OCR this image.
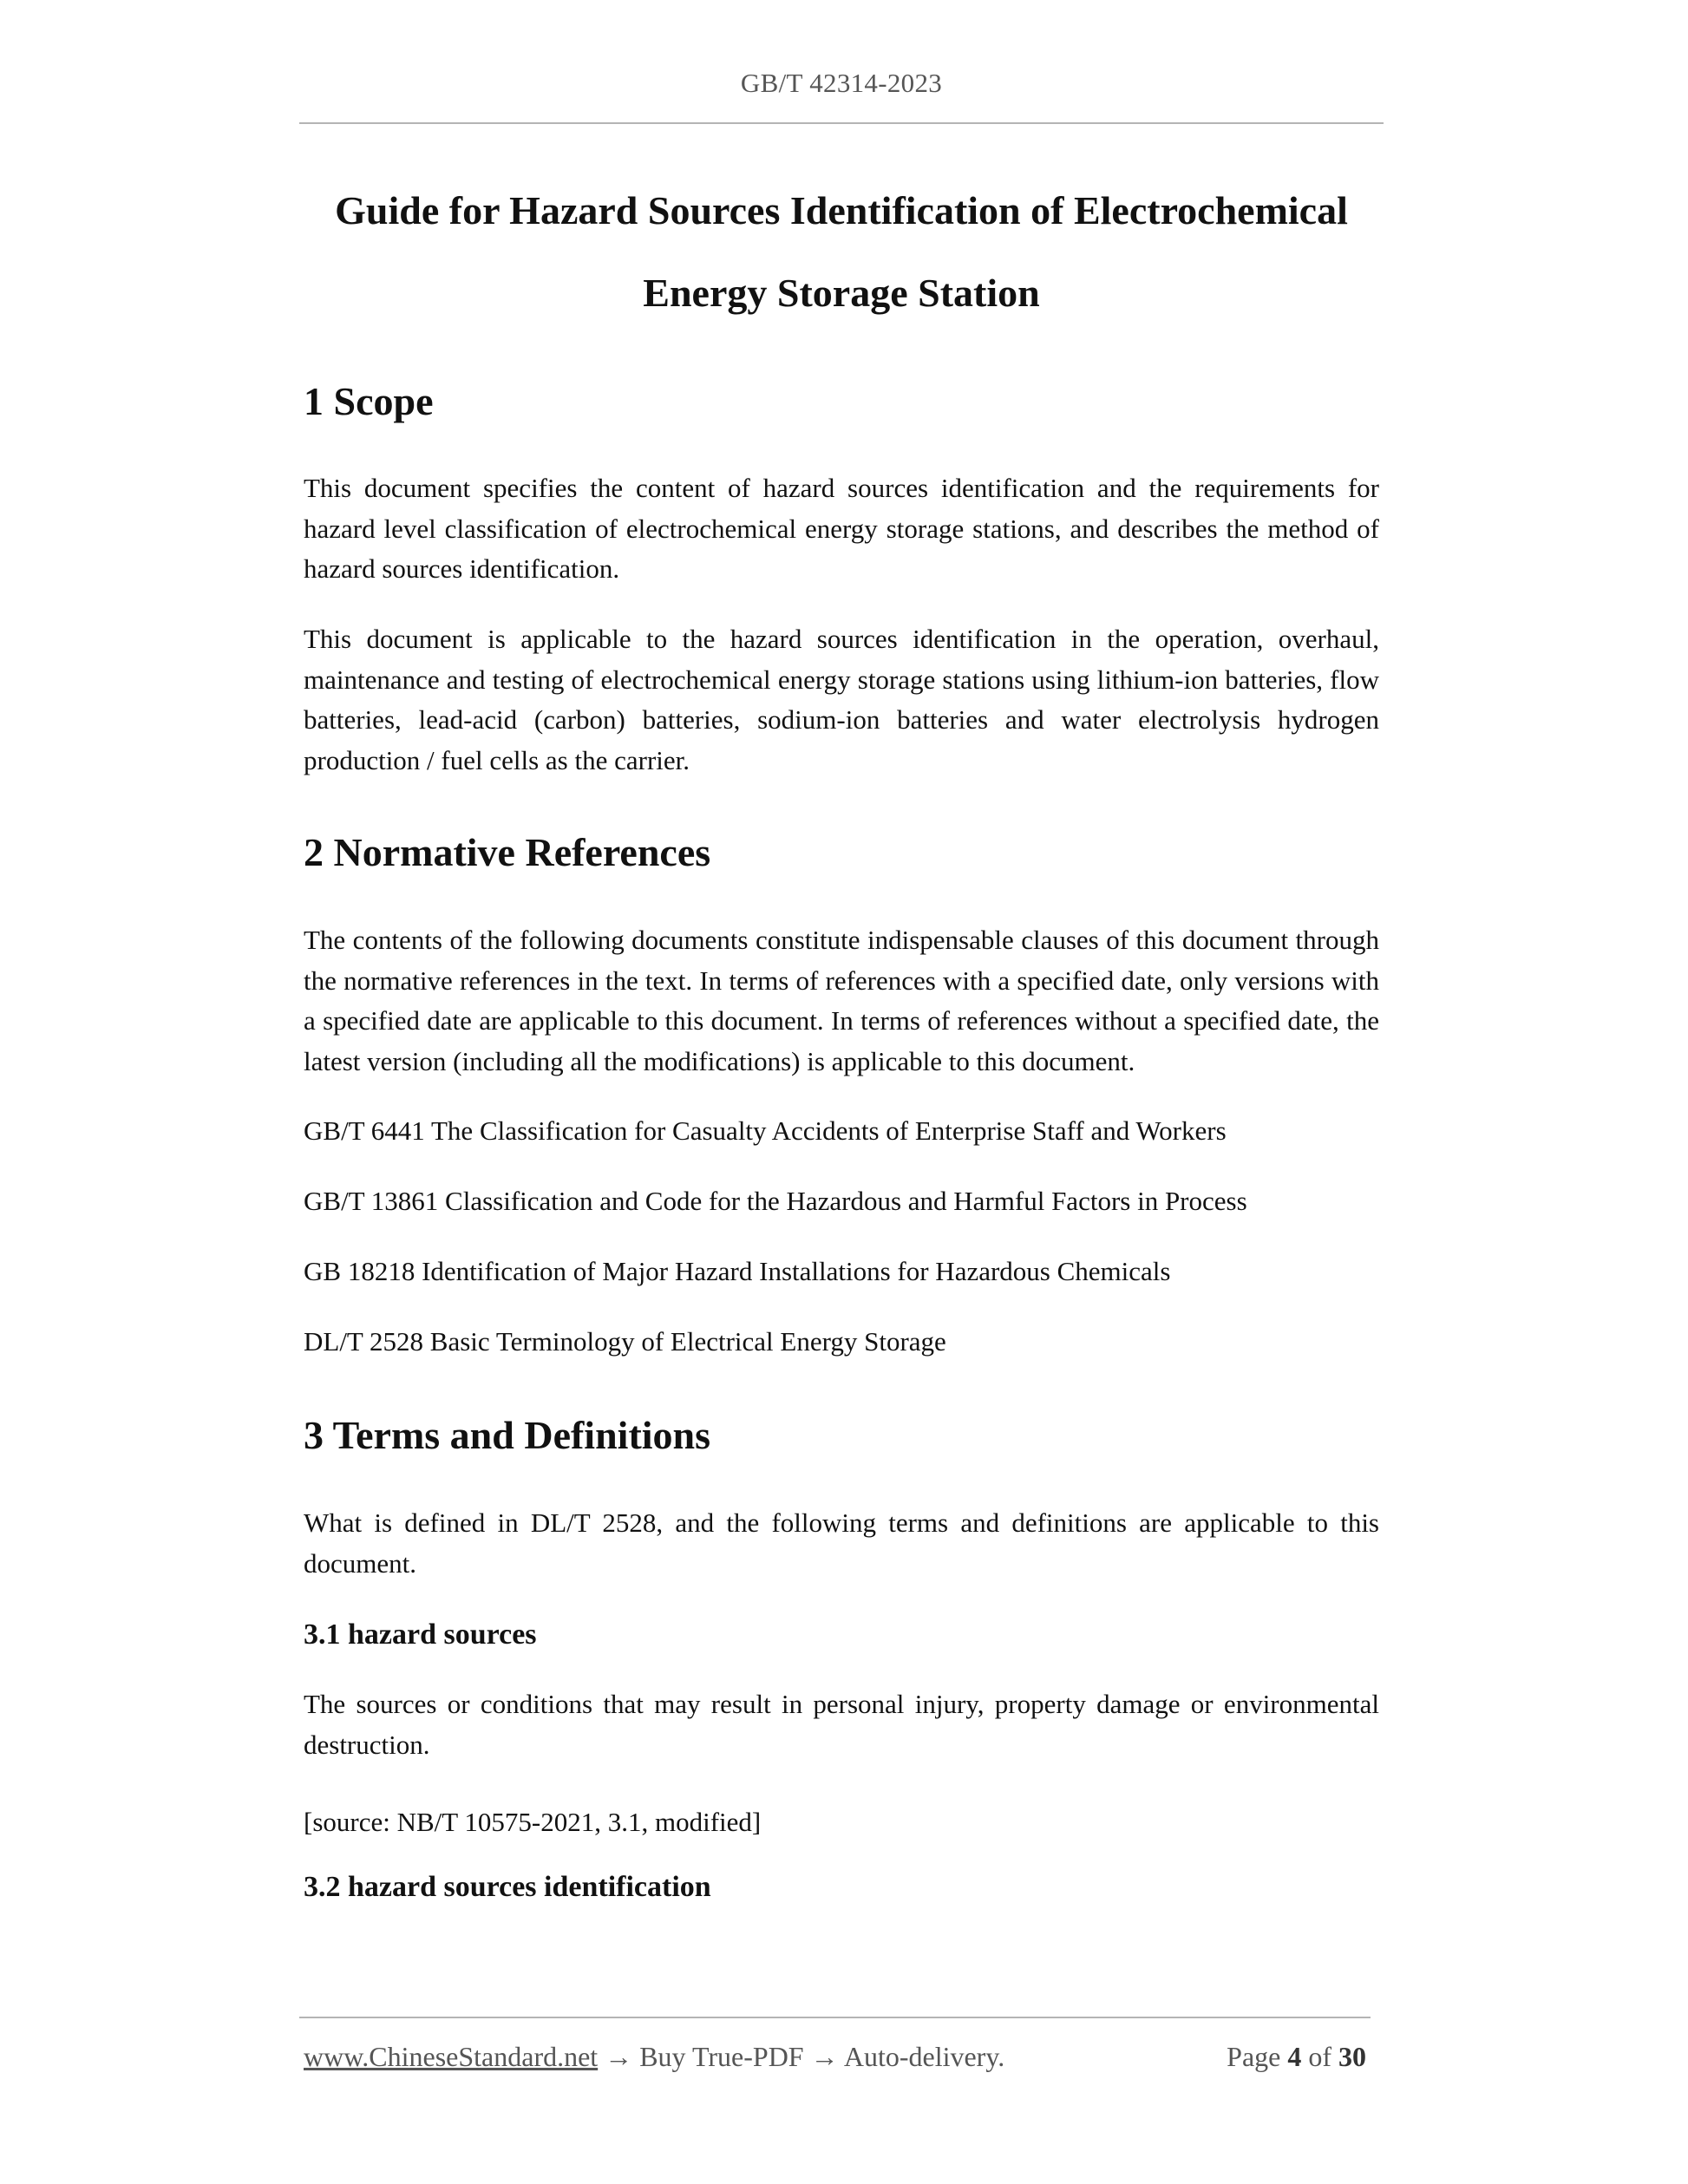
GB/T 42314-2023
Guide for Hazard Sources Identification of Electrochemical
Energy Storage Station
1 Scope
This document specifies the content of hazard sources identification and the requirements for hazard level classification of electrochemical energy storage stations, and describes the method of hazard sources identification.
This document is applicable to the hazard sources identification in the operation, overhaul, maintenance and testing of electrochemical energy storage stations using lithium-ion batteries, flow batteries, lead-acid (carbon) batteries, sodium-ion batteries and water electrolysis hydrogen production / fuel cells as the carrier.
2 Normative References
The contents of the following documents constitute indispensable clauses of this document through the normative references in the text. In terms of references with a specified date, only versions with a specified date are applicable to this document. In terms of references without a specified date, the latest version (including all the modifications) is applicable to this document.
GB/T 6441 The Classification for Casualty Accidents of Enterprise Staff and Workers
GB/T 13861 Classification and Code for the Hazardous and Harmful Factors in Process
GB 18218 Identification of Major Hazard Installations for Hazardous Chemicals
DL/T 2528 Basic Terminology of Electrical Energy Storage
3 Terms and Definitions
What is defined in DL/T 2528, and the following terms and definitions are applicable to this document.
3.1 hazard sources
The sources or conditions that may result in personal injury, property damage or environmental destruction.
[source: NB/T 10575-2021, 3.1, modified]
3.2 hazard sources identification
www.ChineseStandard.net → Buy True-PDF → Auto-delivery.	Page 4 of 30
